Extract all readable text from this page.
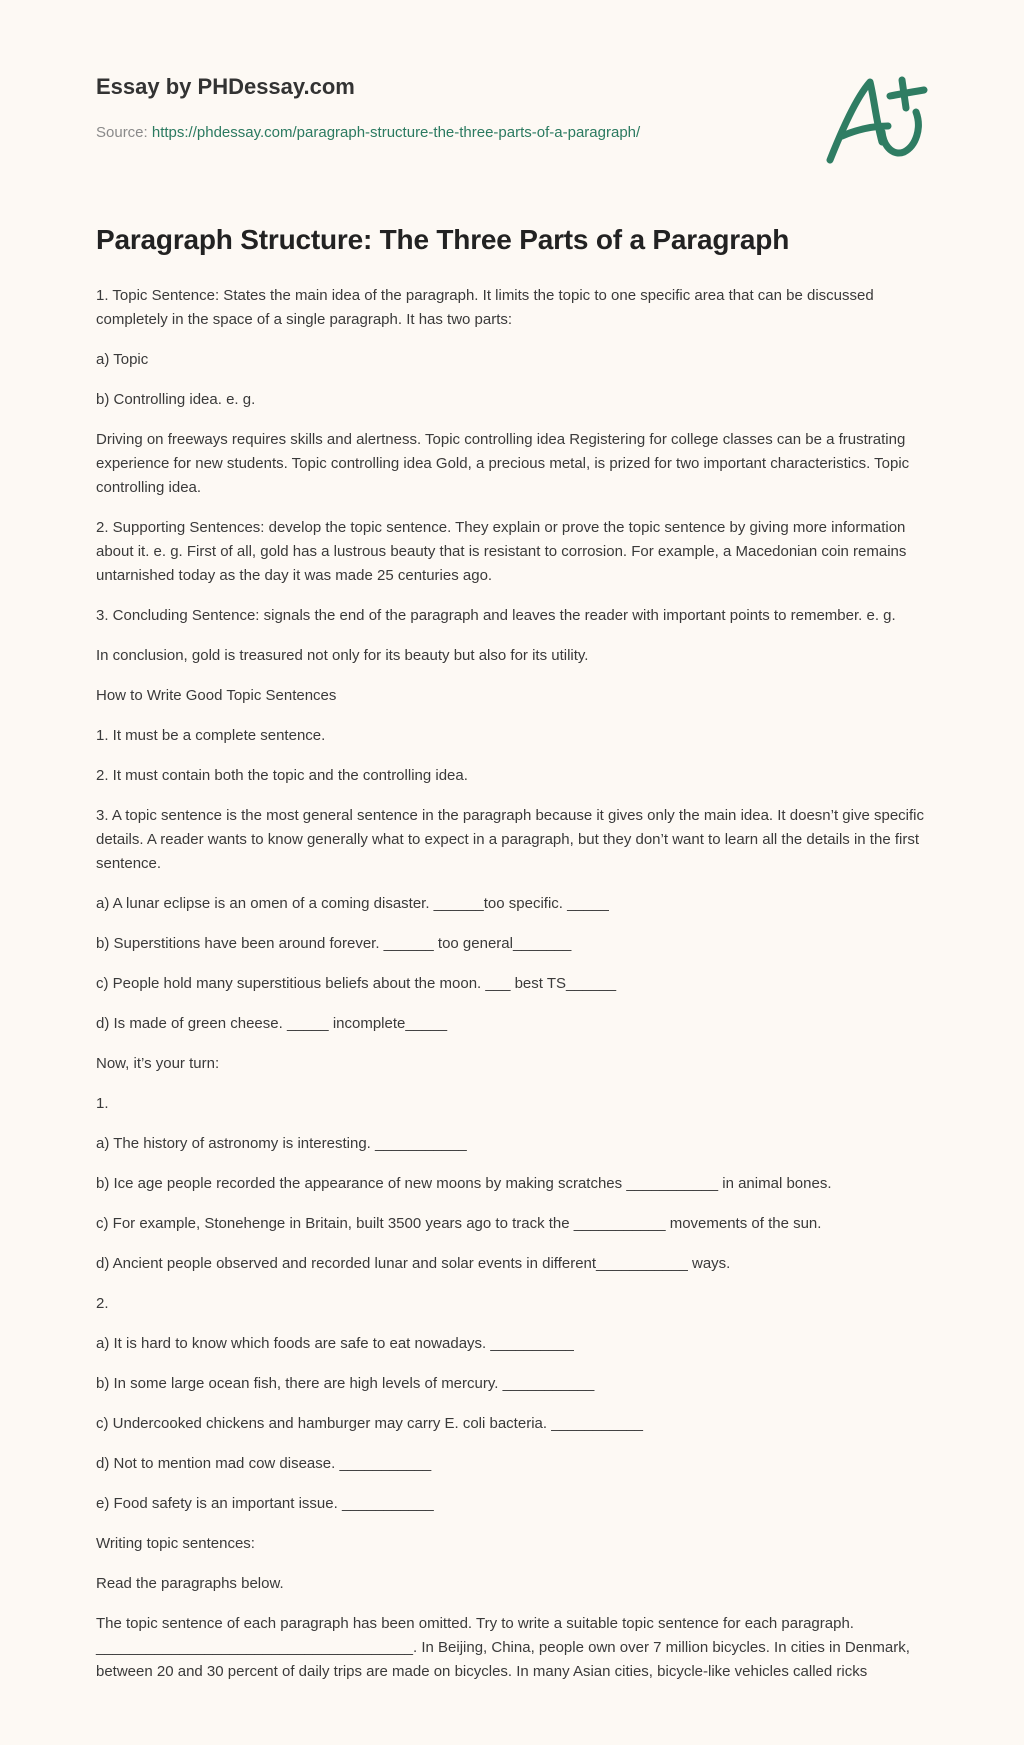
Essay by PHDessay.com
Source: https://phdessay.com/paragraph-structure-the-three-parts-of-a-paragraph/
Paragraph Structure: The Three Parts of a Paragraph

1. Topic Sentence: States the main idea of the paragraph. It limits the topic to one specific area that can be discussed completely in the space of a single paragraph. It has two parts:

a) Topic

b) Controlling idea. e. g.

Driving on freeways requires skills and alertness. Topic controlling idea Registering for college classes can be a frustrating experience for new students. Topic controlling idea Gold, a precious metal, is prized for two important characteristics. Topic controlling idea.

2. Supporting Sentences: develop the topic sentence. They explain or prove the topic sentence by giving more information about it. e. g. First of all, gold has a lustrous beauty that is resistant to corrosion. For example, a Macedonian coin remains untarnished today as the day it was made 25 centuries ago.

3. Concluding Sentence: signals the end of the paragraph and leaves the reader with important points to remember. e. g.

In conclusion, gold is treasured not only for its beauty but also for its utility.

How to Write Good Topic Sentences

1. It must be a complete sentence.

2. It must contain both the topic and the controlling idea.

3. A topic sentence is the most general sentence in the paragraph because it gives only the main idea. It doesn’t give specific details. A reader wants to know generally what to expect in a paragraph, but they don’t want to learn all the details in the first sentence.

a) A lunar eclipse is an omen of a coming disaster. ______too specific. _____

b) Superstitions have been around forever. ______ too general_______

c) People hold many superstitious beliefs about the moon. ___ best TS______

d) Is made of green cheese. _____ incomplete_____

Now, it’s your turn:

1.

a) The history of astronomy is interesting. ___________

b) Ice age people recorded the appearance of new moons by making scratches ___________ in animal bones.

c) For example, Stonehenge in Britain, built 3500 years ago to track the ___________ movements of the sun.

d) Ancient people observed and recorded lunar and solar events in different___________ ways.

2.

a) It is hard to know which foods are safe to eat nowadays. __________

b) In some large ocean fish, there are high levels of mercury. ___________

c) Undercooked chickens and hamburger may carry E. coli bacteria. ___________

d) Not to mention mad cow disease. ___________

e) Food safety is an important issue. ___________

Writing topic sentences:

Read the paragraphs below.

The topic sentence of each paragraph has been omitted. Try to write a suitable topic sentence for each paragraph. ______________________________________. In Beijing, China, people own over 7 million bicycles. In cities in Denmark, between 20 and 30 percent of daily trips are made on bicycles. In many Asian cities, bicycle-like vehicles called ricks
